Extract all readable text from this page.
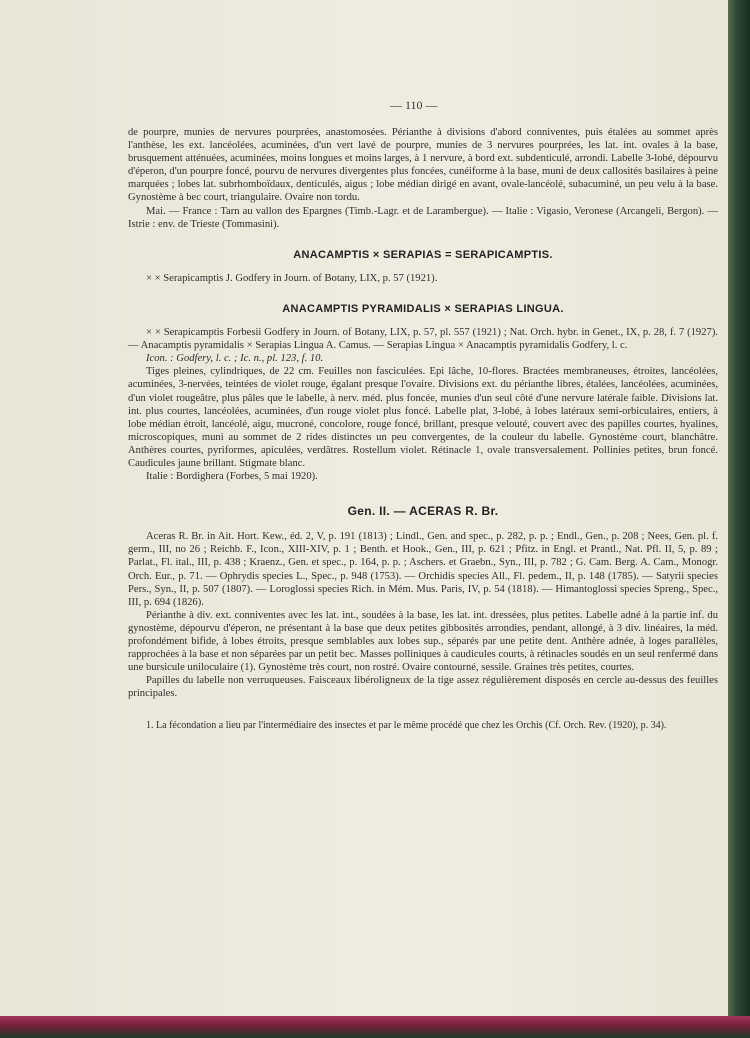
— 110 —

de pourpre, munies de nervures pourprées, anastomosées. Périanthe à divisions d'abord conniventes, puis étalées au sommet après l'anthèse, les ext. lancéolées, acuminées, d'un vert lavé de pourpre, munies de 3 nervures pourprées, les lat. int. ovales à la base, brusquement atténuées, acuminées, moins longues et moins larges, à 1 nervure, à bord ext. subdenticulé, arrondi. Labelle 3-lobé, dépourvu d'éperon, d'un pourpre foncé, pourvu de nervures divergentes plus foncées, cunéiforme à la base, muni de deux callosités basilaires à peine marquées ; lobes lat. subrhomboïdaux, denticulés, aigus ; lobe médian dirigé en avant, ovale-lancéolé, subacuminé, un peu velu à la base. Gynostème à bec court, triangulaire. Ovaire non tordu.

Mai. — France : Tarn au vallon des Epargnes (Timb.-Lagr. et de Larambergue). — Italie : Vigasio, Veronese (Arcangeli, Bergon). — Istrie : env. de Trieste (Tommasini).

ANACAMPTIS × SERAPIAS = SERAPICAMPTIS.

× × Serapicamptis J. Godfery in Journ. of Botany, LIX, p. 57 (1921).

ANACAMPTIS PYRAMIDALIS × SERAPIAS LINGUA.

× × Serapicamptis Forbesii Godfery in Journ. of Botany, LIX, p. 57, pl. 557 (1921) ; Nat. Orch. hybr. in Genet., IX, p. 28, f. 7 (1927). — Anacamptis pyramidalis × Serapias Lingua A. Camus. — Serapias Lingua × Anacamptis pyramidalis Godfery, l. c.

Icon. : Godfery, l. c. ; Ic. n., pl. 123, f. 10.

Tiges pleines, cylindriques, de 22 cm. Feuilles non fasciculées. Epi lâche, 10-flores. Bractées membraneuses, étroites, lancéolées, acuminées, 3-nervées, teintées de violet rouge, égalant presque l'ovaire. Divisions ext. du périanthe libres, étalées, lancéolées, acuminées, d'un violet rougeâtre, plus pâles que le labelle, à nerv. méd. plus foncée, munies d'un seul côté d'une nervure latérale faible. Divisions lat. int. plus courtes, lancéolées, acuminées, d'un rouge violet plus foncé. Labelle plat, 3-lobé, à lobes latéraux semi-orbiculaires, entiers, à lobe médian étroit, lancéolé, aigu, mucroné, concolore, rouge foncé, brillant, presque velouté, couvert avec des papilles courtes, hyalines, microscopiques, muni au sommet de 2 rides distinctes un peu convergentes, de la couleur du labelle. Gynostème court, blanchâtre. Anthères courtes, pyriformes, apiculées, verdâtres. Rostellum violet. Rétinacle 1, ovale transversalement. Pollinies petites, brun foncé. Caudicules jaune brillant. Stigmate blanc.

Italie : Bordighera (Forbes, 5 mai 1920).

Gen. II. — ACERAS R. Br.

Aceras R. Br. in Ait. Hort. Kew., éd. 2, V, p. 191 (1813) ; Lindl., Gen. and spec., p. 282, p. p. ; Endl., Gen., p. 208 ; Nees, Gen. pl. f. germ., III, no 26 ; Reichb. F., Icon., XIII-XIV, p. 1 ; Benth. et Hook., Gen., III, p. 621 ; Pfitz. in Engl. et Prantl., Nat. Pfl. II, 5, p. 89 ; Parlat., Fl. ital., III, p. 438 ; Kraenz., Gen. et spec., p. 164, p. p. ; Aschers. et Graebn., Syn., III, p. 782 ; G. Cam. Berg. A. Cam., Monogr. Orch. Eur., p. 71. — Ophrydis species L., Spec., p. 948 (1753). — Orchidis species All., Fl. pedem., II, p. 148 (1785). — Satyrii species Pers., Syn., II, p. 507 (1807). — Loroglossi species Rich. in Mém. Mus. Paris, IV, p. 54 (1818). — Himantoglossi species Spreng., Spec., III, p. 694 (1826).

Périanthe à div. ext. conniventes avec les lat. int., soudées à la base, les lat. int. dressées, plus petites. Labelle adné à la partie inf. du gynostème, dépourvu d'éperon, ne présentant à la base que deux petites gibbosités arrondies, pendant, allongé, à 3 div. linéaires, la méd. profondément bifide, à lobes étroits, presque semblables aux lobes sup., séparés par une petite dent. Anthère adnée, à loges parallèles, rapprochées à la base et non séparées par un petit bec. Masses polliniques à caudicules courts, à rétinacles soudés en un seul renfermé dans une bursicule uniloculaire (1). Gynostème très court, non rostré. Ovaire contourné, sessile. Graines très petites, courtes.

Papilles du labelle non verruqueuses. Faisceaux libéroligneux de la tige assez régulièrement disposés en cercle au-dessus des feuilles principales.

1. La fécondation a lieu par l'intermédiaire des insectes et par le même procédé que chez les Orchis (Cf. Orch. Rev. (1920), p. 34).
